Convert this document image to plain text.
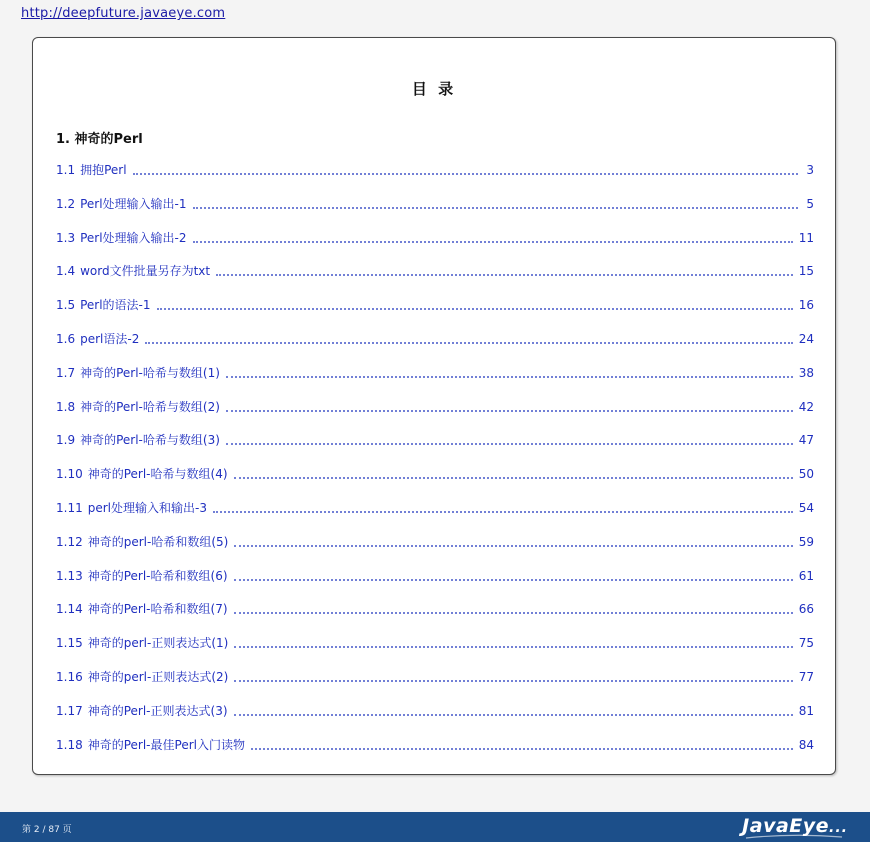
http://deepfuture.javaeye.com
目 录
1. 神奇的Perl
1.1 拥抱Perl	3
1.2 Perl处理输入输出-1	5
1.3 Perl处理输入输出-2	11
1.4 word文件批量另存为txt	15
1.5 Perl的语法-1	16
1.6 perl语法-2	24
1.7 神奇的Perl-哈希与数组(1)	38
1.8 神奇的Perl-哈希与数组(2)	42
1.9 神奇的Perl-哈希与数组(3)	47
1.10 神奇的Perl-哈希与数组(4)	50
1.11 perl处理输入和输出-3	54
1.12 神奇的perl-哈希和数组(5)	59
1.13 神奇的Perl-哈希和数组(6)	61
1.14 神奇的Perl-哈希和数组(7)	66
1.15 神奇的perl-正则表达式(1)	75
1.16 神奇的perl-正则表达式(2)	77
1.17 神奇的Perl-正则表达式(3)	81
1.18 神奇的Perl-最佳Perl入门读物	84
第 2 / 87 页	JavaEye...
